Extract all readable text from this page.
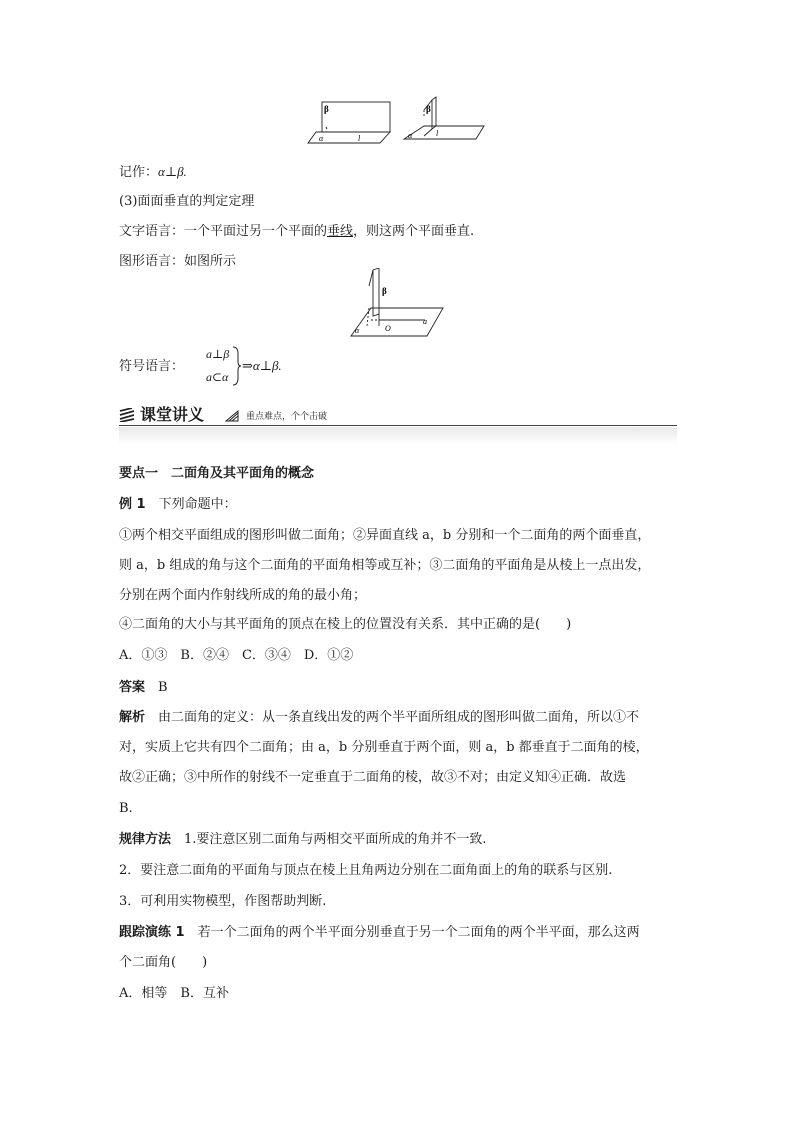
β
α	l
β
α	l
记作：α⊥β.
(3)面面垂直的判定定理
文字语言：一个平面过另一个平面的垂线，则这两个平面垂直.
图形语言：如图所示
β
α	O
a
符号语言：
a⊥β
a⊂α
⇒α⊥β.
课堂讲义	重点难点，个个击破
要点一　二面角及其平面角的概念
例 1　 下列命题中：
①两个相交平面组成的图形叫做二面角；②异面直线 a，b 分别和一个二面角的两个面垂直，
则 a，b 组成的角与这个二面角的平面角相等或互补；③二面角的平面角是从棱上一点出发，
分别在两个面内作射线所成的角的最小角；
④二面角的大小与其平面角的顶点在棱上的位置没有关系．其中正确的是(　　)
A．①③　B．②④　C．③④　D．①②
答案　 B
解析　 由二面角的定义：从一条直线出发的两个半平面所组成的图形叫做二面角，所以①不
对，实质上它共有四个二面角；由 a，b 分别垂直于两个面，则 a，b 都垂直于二面角的棱，
故②正确；③中所作的射线不一定垂直于二面角的棱，故③不对；由定义知④正确．故选
B.
规律方法　 1.要注意区别二面角与两相交平面所成的角并不一致.
2．要注意二面角的平面角与顶点在棱上且角两边分别在二面角面上的角的联系与区别.
3．可利用实物模型，作图帮助判断.
跟踪演练 1　 若一个二面角的两个半平面分别垂直于另一个二面角的两个半平面，那么这两
个二面角(　　)
A．相等　B．互补
